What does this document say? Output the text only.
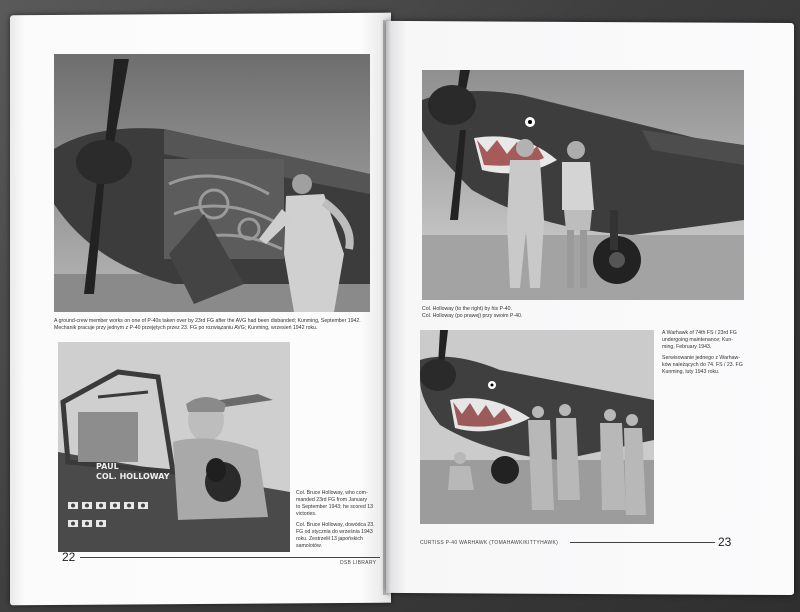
A ground-crew member works on one of P-40s taken over by 23rd FG after the AVG had been disbanded; Kunming, September 1942.
Mechanik pracuje przy jednym z P-40 przejętych przez 23. FG po rozwiązaniu AVG; Kunming, wrzesień 1942 roku.
PAUL
COL. HOLLOWAY
Col. Bruce Holloway, who com-
manded 23rd FG from January
to September 1943; he scored 13
victories.
Col. Bruce Holloway, dowódca 23.
FG od stycznia do września 1943
roku. Zestrzelił 13 japońskich
samolotów.
22	DSB LIBRARY
Col. Holloway (to the right) by his P-40.
Col. Holloway (po prawej) przy swoim P-40.
A Warhawk of 74th FS / 23rd FG
undergoing maintenance; Kun-
ming, February 1943.
Serwisowanie jednego z Warhaw-
ków należących do 74. FS / 23. FG
Kunming, luty 1943 roku.
CURTISS P-40 WARHAWK (TOMAHAWK/KITTYHAWK)	23
